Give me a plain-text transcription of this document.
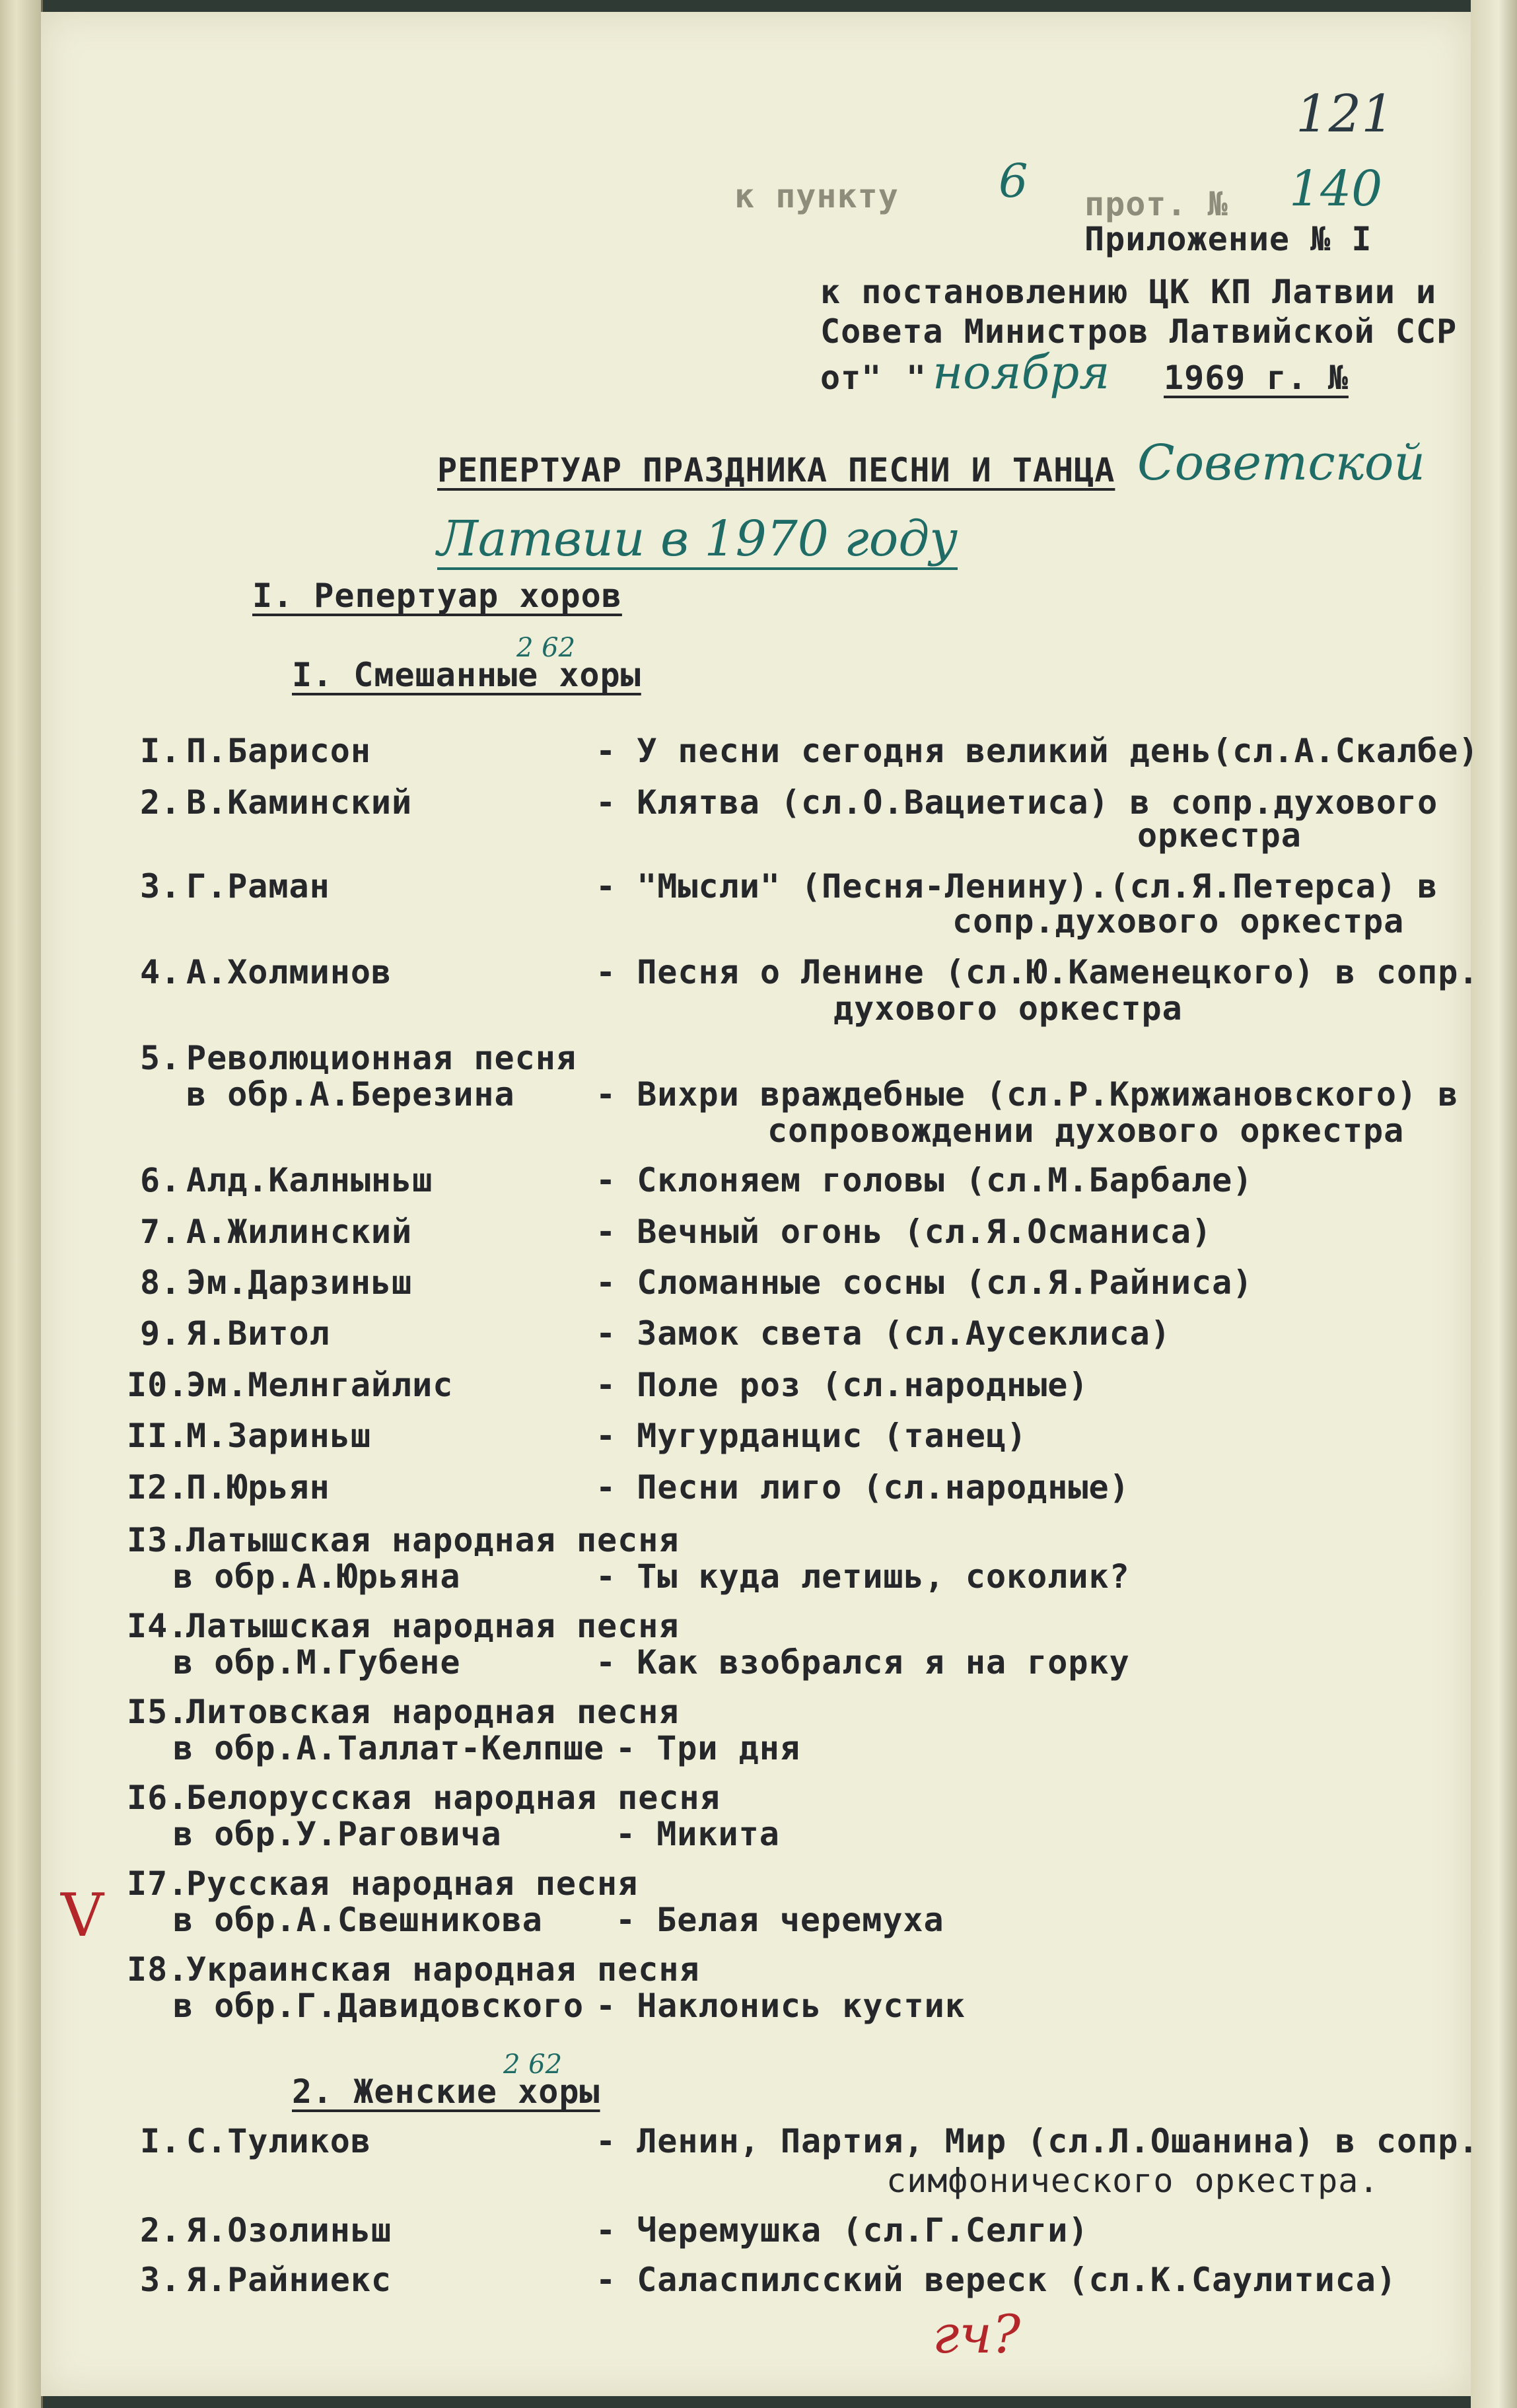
121
к пункту 6 прот. № 140
Приложение № I
к постановлению ЦК КП Латвии и
Совета Министров Латвийской ССР
от" " ноября 1969 г. №
РЕПЕРТУАР ПРАЗДНИКА ПЕСНИ И ТАНЦА Советской
Латвии в 1970 году
I. Репертуар хоров
I. Смешанные хоры
2 62
I. П.Барисон	- У песни сегодня великий день(сл.А.Скалбе)
2. В.Каминский	- Клятва (сл.О.Вациетиса) в сопр.духового
оркестра
3. Г.Раман	- "Мысли" (Песня-Ленину).(сл.Я.Петерса) в
сопр.духового оркестра
4. А.Холминов	- Песня о Ленине (сл.Ю.Каменецкого) в сопр.
духового оркестра
5. Революционная песня
в обр.А.Березина - Вихри враждебные (сл.Р.Кржижановского) в
сопровождении духового оркестра
6. Алд.Калныньш	- Склоняем головы (сл.М.Барбале)
7. А.Жилинский	- Вечный огонь (сл.Я.Османиса)
8. Эм.Дарзиньш	- Сломанные сосны (сл.Я.Райниса)
9. Я.Витол	- Замок света (сл.Аусеклиса)
I0.Эм.Мелнгайлис	- Поле роз (сл.народные)
II.М.Зариньш	- Мугурданцис (танец)
I2.П.Юрьян	- Песни лиго (сл.народные)
I3.Латышская народная песня
в обр.А.Юрьяна	- Ты куда летишь, соколик?
I4.Латышская народная песня
в обр.М.Губене	- Как взобрался я на горку
I5.Литовская народная песня
в обр.А.Таллат-Келпше - Три дня
I6.Белорусская народная песня
в обр.У.Раговича	- Микита
I7.Русская народная песня
в обр.А.Свешникова - Белая черемуха
I8.Украинская народная песня
в обр.Г.Давидовского - Наклонись кустик
2. Женские хоры
2 62
I. С.Туликов	- Ленин, Партия, Мир (сл.Л.Ошанина) в сопр.
симфонического оркестра.
2. Я.Озолиньш	- Черемушка (сл.Г.Селги)
3. Я.Райниекс	- Саласпилсский вереск (сл.К.Саулитиса)
V
гч?
